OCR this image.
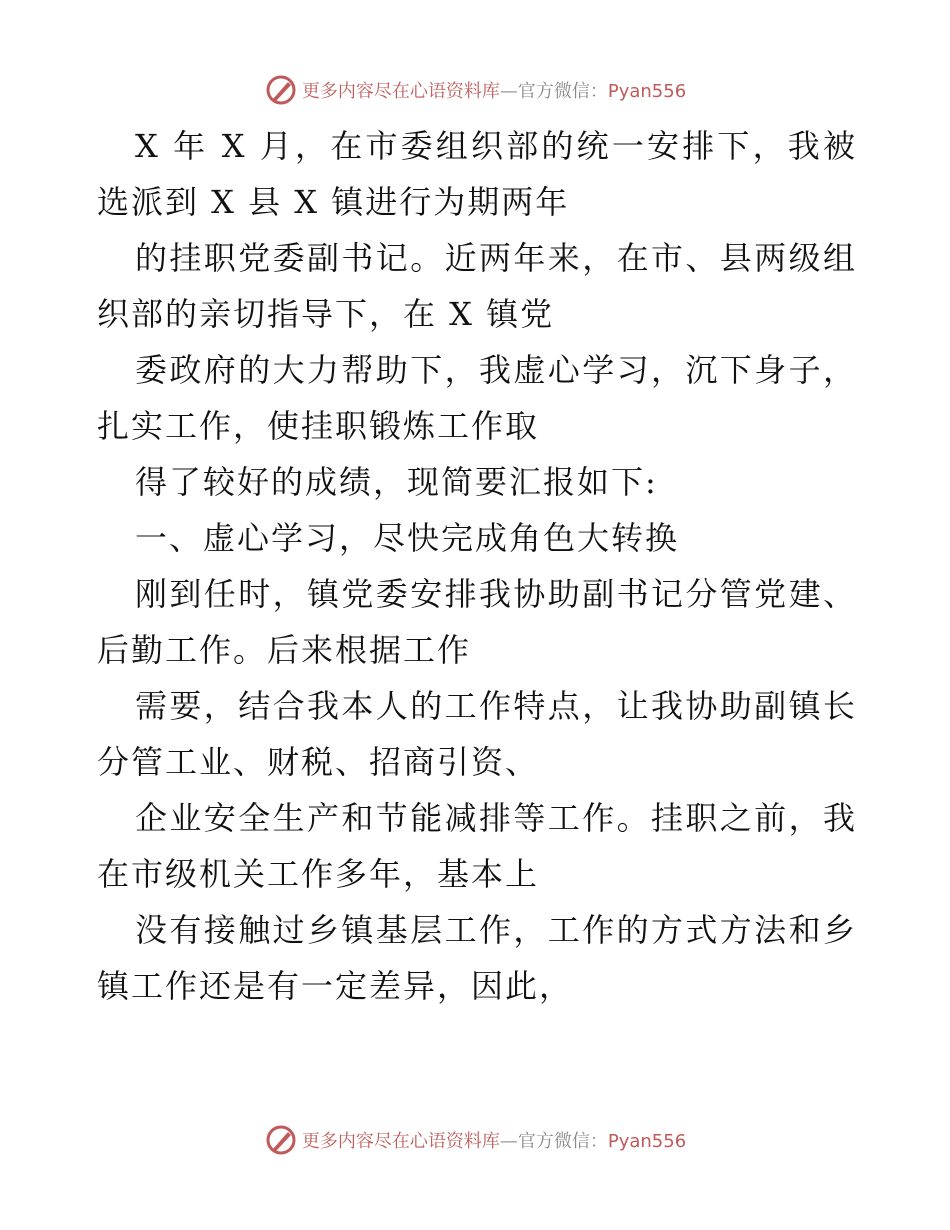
更多内容尽在心语资料库—官方微信：Pyan556

X 年 X 月，在市委组织部的统一安排下，我被选派到 X 县 X 镇进行为期两年

的挂职党委副书记。近两年来，在市、县两级组织部的亲切指导下，在 X 镇党

委政府的大力帮助下，我虚心学习，沉下身子，扎实工作，使挂职锻炼工作取

得了较好的成绩，现简要汇报如下:

一、虚心学习，尽快完成角色大转换

刚到任时，镇党委安排我协助副书记分管党建、后勤工作。后来根据工作

需要，结合我本人的工作特点，让我协助副镇长分管工业、财税、招商引资、

企业安全生产和节能减排等工作。挂职之前，我在市级机关工作多年，基本上

没有接触过乡镇基层工作，工作的方式方法和乡镇工作还是有一定差异，因此，

更多内容尽在心语资料库—官方微信：Pyan556
